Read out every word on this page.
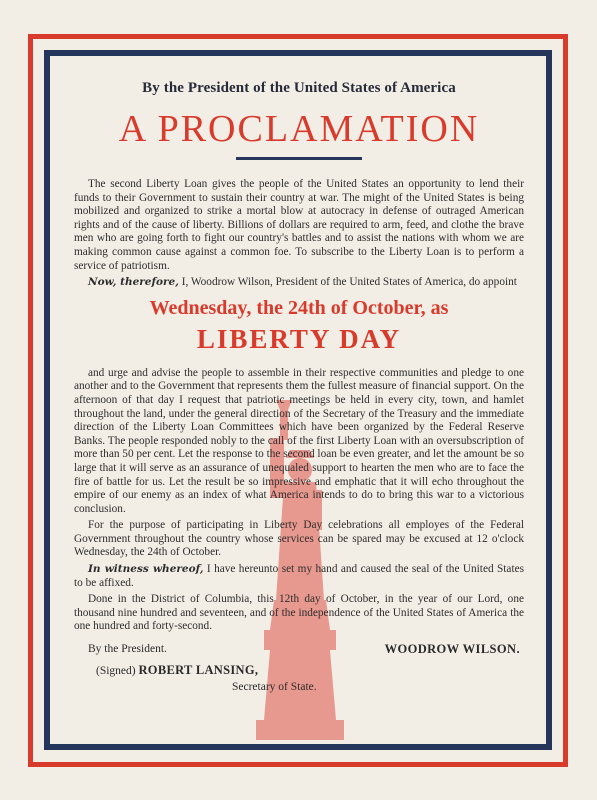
By the President of the United States of America
A PROCLAMATION

The second Liberty Loan gives the people of the United States an opportunity to lend their funds to their Government to sustain their country at war. The might of the United States is being mobilized and organized to strike a mortal blow at autocracy in defense of outraged American rights and of the cause of liberty. Billions of dollars are required to arm, feed, and clothe the brave men who are going forth to fight our country's battles and to assist the nations with whom we are making common cause against a common foe. To subscribe to the Liberty Loan is to perform a service of patriotism.

Now, therefore, I, Woodrow Wilson, President of the United States of America, do appoint

Wednesday, the 24th of October, as
LIBERTY DAY

and urge and advise the people to assemble in their respective communities and pledge to one another and to the Government that represents them the fullest measure of financial support. On the afternoon of that day I request that patriotic meetings be held in every city, town, and hamlet throughout the land, under the general direction of the Secretary of the Treasury and the immediate direction of the Liberty Loan Committees which have been organized by the Federal Reserve Banks. The people responded nobly to the call of the first Liberty Loan with an oversubscription of more than 50 per cent. Let the response to the second loan be even greater, and let the amount be so large that it will serve as an assurance of unequaled support to hearten the men who are to face the fire of battle for us. Let the result be so impressive and emphatic that it will echo throughout the empire of our enemy as an index of what America intends to do to bring this war to a victorious conclusion.

For the purpose of participating in Liberty Day celebrations all employes of the Federal Government throughout the country whose services can be spared may be excused at 12 o'clock Wednesday, the 24th of October.

In witness whereof, I have hereunto set my hand and caused the seal of the United States to be affixed.

Done in the District of Columbia, this 12th day of October, in the year of our Lord, one thousand nine hundred and seventeen, and of the independence of the United States of America the one hundred and forty-second.

By the President.	WOODROW WILSON.
(Signed) ROBERT LANSING,
Secretary of State.
